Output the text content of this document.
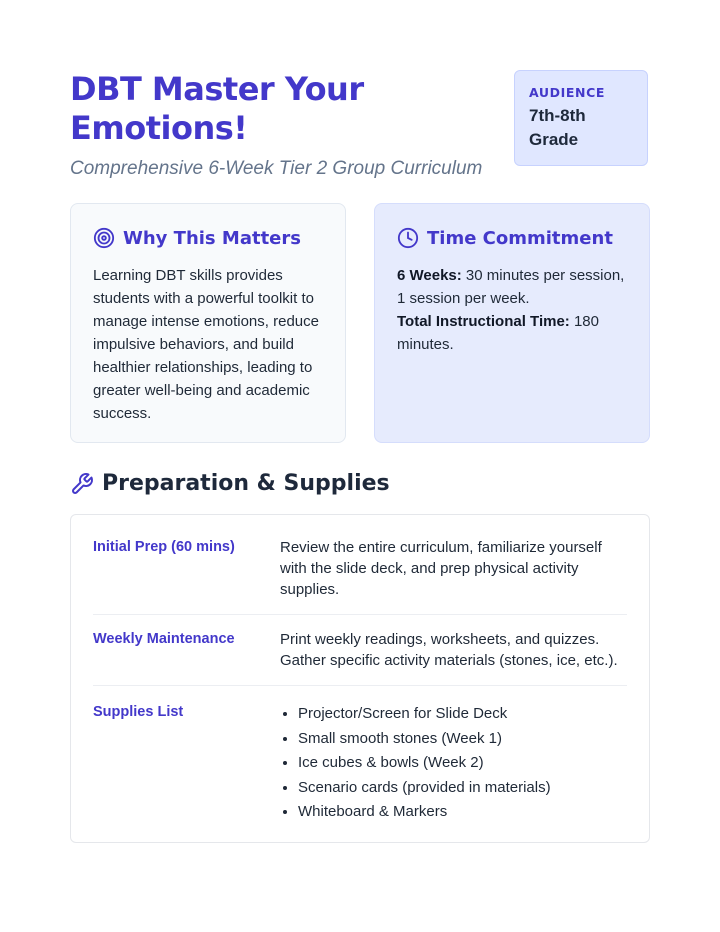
DBT Master Your Emotions!

Comprehensive 6-Week Tier 2 Group Curriculum

AUDIENCE
7th-8th Grade
Why This Matters
Learning DBT skills provides students with a powerful toolkit to manage intense emotions, reduce impulsive behaviors, and build healthier relationships, leading to greater well-being and academic success.
Time Commitment
6 Weeks: 30 minutes per session, 1 session per week.
Total Instructional Time: 180 minutes.
Preparation & Supplies
Initial Prep (60 mins)	Review the entire curriculum, familiarize yourself with the slide deck, and prep physical activity supplies.
Weekly Maintenance	Print weekly readings, worksheets, and quizzes. Gather specific activity materials (stones, ice, etc.).
Supplies List
•	Projector/Screen for Slide Deck
• Small smooth stones (Week 1)
• Ice cubes & bowls (Week 2)
• Scenario cards (provided in materials)
• Whiteboard & Markers
